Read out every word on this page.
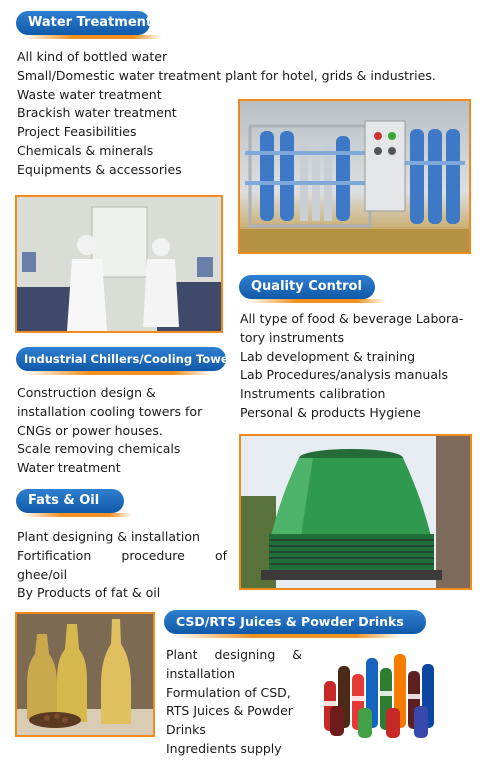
Water Treatment
All kind of bottled water
Small/Domestic water treatment plant for hotel, grids & industries.
Waste water treatment
Brackish water treatment
Project Feasibilities
Chemicals & minerals
Equipments & accessories
Quality Control
All type of food & beverage Labora-
tory instruments
Lab development & training
Lab Procedures/analysis manuals
Instruments calibration
Personal & products Hygiene
Industrial Chillers/Cooling Tower
Construction design &
installation cooling towers for
CNGs or power houses.
Scale removing chemicals
Water treatment
Fats & Oil
Plant designing & installation
Fortification procedure of
ghee/oil
By Products of fat & oil
CSD/RTS Juices & Powder Drinks
Plant designing &
installation
Formulation of CSD,
RTS Juices & Powder
Drinks
Ingredients supply
